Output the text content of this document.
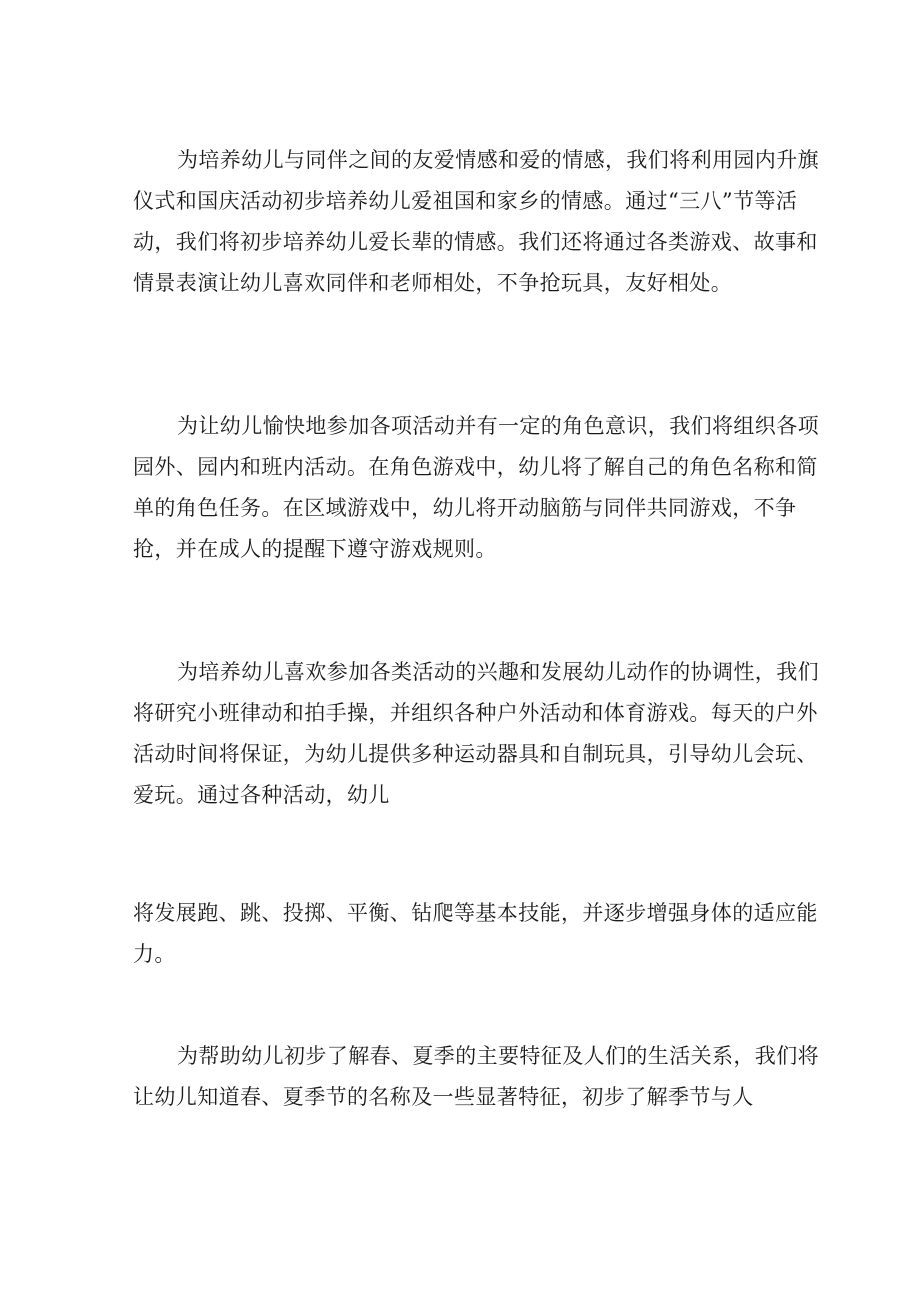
为培养幼儿与同伴之间的友爱情感和爱的情感，我们将利用园内升旗仪式和国庆活动初步培养幼儿爱祖国和家乡的情感。通过“三八”节等活动，我们将初步培养幼儿爱长辈的情感。我们还将通过各类游戏、故事和情景表演让幼儿喜欢同伴和老师相处，不争抢玩具，友好相处。

为让幼儿愉快地参加各项活动并有一定的角色意识，我们将组织各项园外、园内和班内活动。在角色游戏中，幼儿将了解自己的角色名称和简单的角色任务。在区域游戏中，幼儿将开动脑筋与同伴共同游戏，不争抢，并在成人的提醒下遵守游戏规则。

为培养幼儿喜欢参加各类活动的兴趣和发展幼儿动作的协调性，我们将研究小班律动和拍手操，并组织各种户外活动和体育游戏。每天的户外活动时间将保证，为幼儿提供多种运动器具和自制玩具，引导幼儿会玩、爱玩。通过各种活动，幼儿

将发展跑、跳、投掷、平衡、钻爬等基本技能，并逐步增强身体的适应能力。

为帮助幼儿初步了解春、夏季的主要特征及人们的生活关系，我们将让幼儿知道春、夏季节的名称及一些显著特征，初步了解季节与人
